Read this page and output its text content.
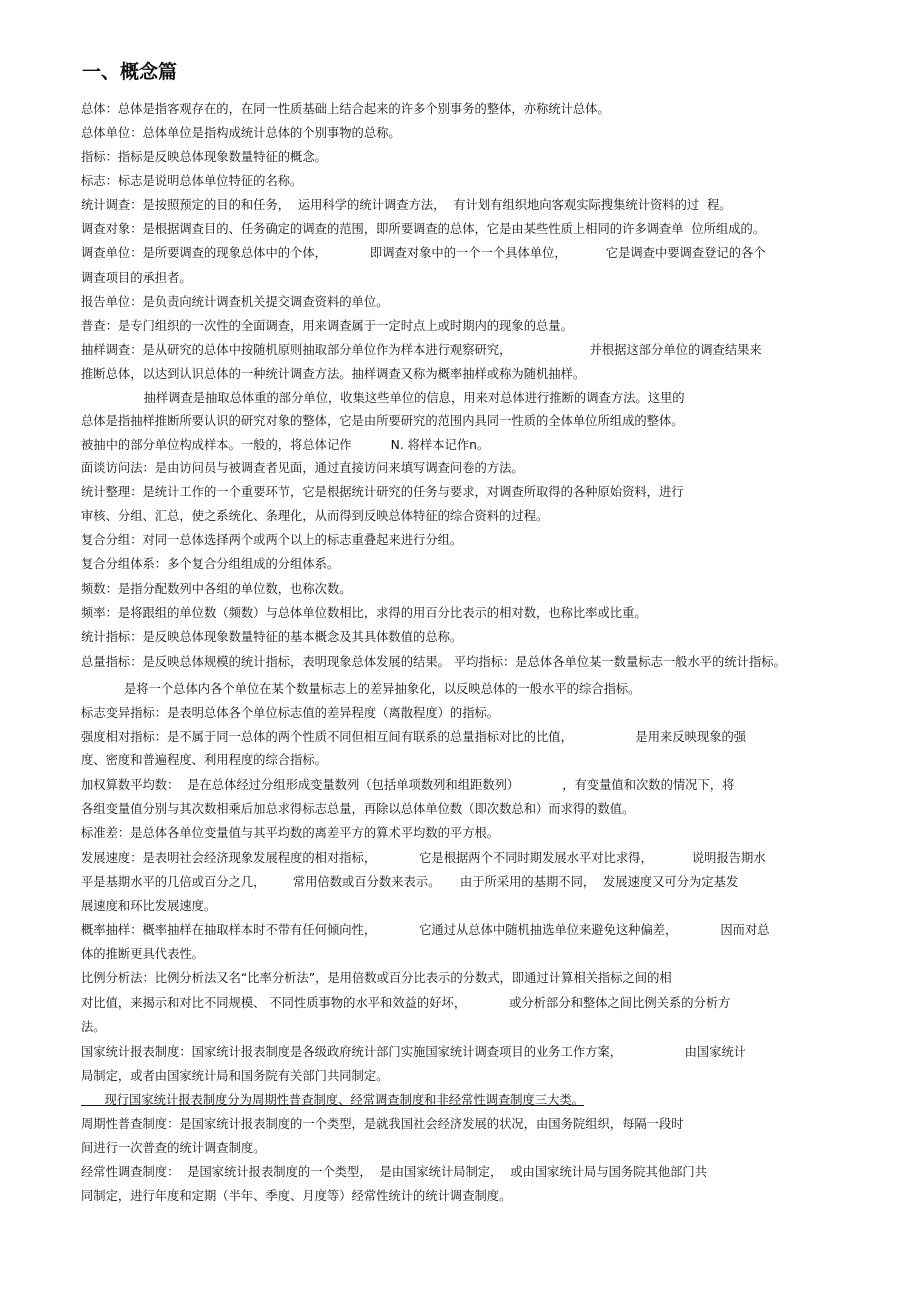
一、概念篇
总体：总体是指客观存在的，在同一性质基础上结合起来的许多个别事务的整体，亦称统计总体。
总体单位：总体单位是指构成统计总体的个别事物的总称。
指标：指标是反映总体现象数量特征的概念。
标志：标志是说明总体单位特征的名称。
统计调查：是按照预定的目的和任务，  运用科学的统计调查方法，  有计划有组织地向客观实际搜集统计资料的过  程。
调查对象：是根据调查目的、任务确定的调查的范围，即所要调查的总体，它是由某些性质上相同的许多调查单  位所组成的。
调查单位：是所要调查的现象总体中的个体，           即调查对象中的一个一个具体单位，          它是调查中要调查登记的各个
调查项目的承担者。
报告单位：是负责向统计调查机关提交调查资料的单位。
普查：是专门组织的一次性的全面调查，用来调查属于一定时点上或时期内的现象的总量。
抽样调查：是从研究的总体中按随机原则抽取部分单位作为样本进行观察研究，                    并根据这部分单位的调查结果来
推断总体，以达到认识总体的一种统计调查方法。抽样调查又称为概率抽样或称为随机抽样。
抽样调查是抽取总体重的部分单位，收集这些单位的信息，用来对总体进行推断的调查方法。这里的
总体是指抽样推断所要认识的研究对象的整体，它是由所要研究的范围内具同一性质的全体单位所组成的整体。
被抽中的部分单位构成样本。一般的，将总体记作          N. 将样本记作n。
面谈访问法：是由访问员与被调查者见面，通过直接访问来填写调查问卷的方法。
统计整理：是统计工作的一个重要环节，它是根据统计研究的任务与要求，对调查所取得的各种原始资料，进行
审核、分组、汇总，使之系统化、条理化，从而得到反映总体特征的综合资料的过程。
复合分组：对同一总体选择两个或两个以上的标志重叠起来进行分组。
复合分组体系：多个复合分组组成的分组体系。
频数：是指分配数列中各组的单位数，也称次数。
频率：是将跟组的单位数（频数）与总体单位数相比，求得的用百分比表示的相对数，也称比率或比重。
统计指标：是反映总体现象数量特征的基本概念及其具体数值的总称。
总量指标：是反映总体规模的统计指标，表明现象总体发展的结果。 平均指标：是总体各单位某一数量标志一般水平的统计指标。
是将一个总体内各个单位在某个数量标志上的差异抽象化，以反映总体的一般水平的综合指标。
标志变异指标：是表明总体各个单位标志值的差异程度（离散程度）的指标。
强度相对指标：是不属于同一总体的两个性质不同但相互间有联系的总量指标对比的比值，                是用来反映现象的强
度、密度和普遍程度、利用程度的综合指标。
加权算数平均数：  是在总体经过分组形成变量数列（包括单项数列和组距数列）           ，有变量值和次数的情况下，将
各组变量值分别与其次数相乘后加总求得标志总量，再除以总体单位数（即次数总和）而求得的数值。
标准差：是总体各单位变量值与其平均数的离差平方的算术平均数的平方根。
发展速度：是表明社会经济现象发展程度的相对指标，           它是根据两个不同时期发展水平对比求得，          说明报告期水
平是基期水平的几倍或百分之几，       常用倍数或百分数来表示。     由于所采用的基期不同，  发展速度又可分为定基发
展速度和环比发展速度。
概率抽样：概率抽样在抽取样本时不带有任何倾向性，           它通过从总体中随机抽选单位来避免这种偏差，           因而对总
体的推断更具代表性。
比例分析法：比例分析法又名“比率分析法”，是用倍数或百分比表示的分数式，即通过计算相关指标之间的相
对比值，来揭示和对比不同规模、 不同性质事物的水平和效益的好坏，           或分析部分和整体之间比例关系的分析方
法。
国家统计报表制度：国家统计报表制度是各级政府统计部门实施国家统计调查项目的业务工作方案，                由国家统计
局制定，或者由国家统计局和国务院有关部门共同制定。
现行国家统计报表制度分为周期性普查制度、经常调查制度和非经常性调查制度三大类。
周期性普查制度：是国家统计报表制度的一个类型，是就我国社会经济发展的状况，由国务院组织，每隔一段时
间进行一次普查的统计调查制度。
经常性调查制度：  是国家统计报表制度的一个类型，  是由国家统计局制定，  或由国家统计局与国务院其他部门共
同制定，进行年度和定期（半年、季度、月度等）经常性统计的统计调查制度。
